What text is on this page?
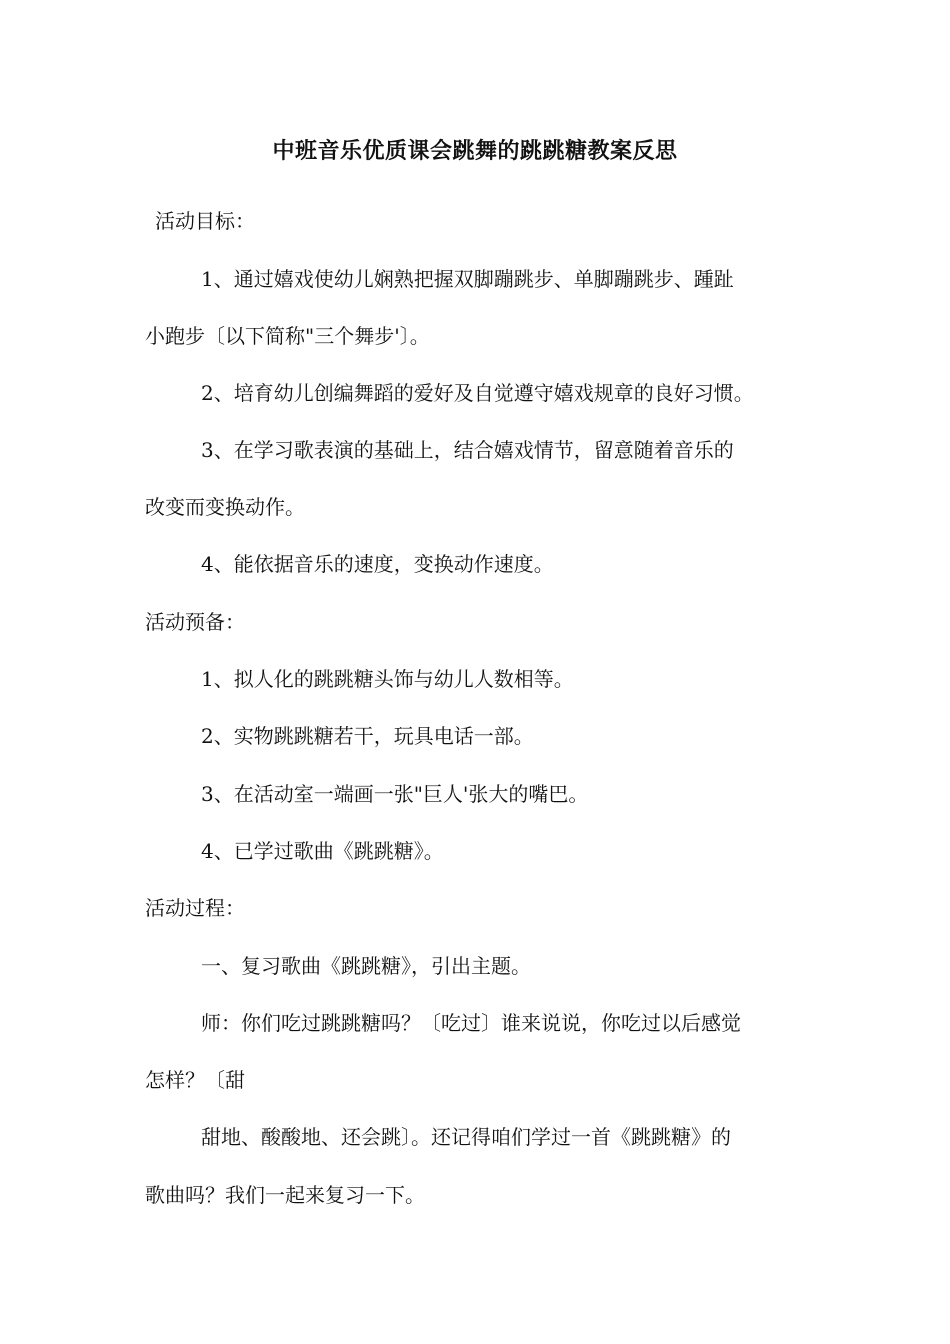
中班音乐优质课会跳舞的跳跳糖教案反思
活动目标：
1、通过嬉戏使幼儿娴熟把握双脚蹦跳步、单脚蹦跳步、踵趾
小跑步〔以下简称"三个舞步'〕。
2、培育幼儿创编舞蹈的爱好及自觉遵守嬉戏规章的良好习惯。
3、在学习歌表演的基础上，结合嬉戏情节，留意随着音乐的
改变而变换动作。
4、能依据音乐的速度，变换动作速度。
活动预备：
1、拟人化的跳跳糖头饰与幼儿人数相等。
2、实物跳跳糖若干，玩具电话一部。
3、在活动室一端画一张"巨人'张大的嘴巴。
4、已学过歌曲《跳跳糖》。
活动过程：
一、复习歌曲《跳跳糖》，引出主题。
师：你们吃过跳跳糖吗？〔吃过〕谁来说说，你吃过以后感觉
怎样？〔甜
甜地、酸酸地、还会跳〕。还记得咱们学过一首《跳跳糖》的
歌曲吗？我们一起来复习一下。
